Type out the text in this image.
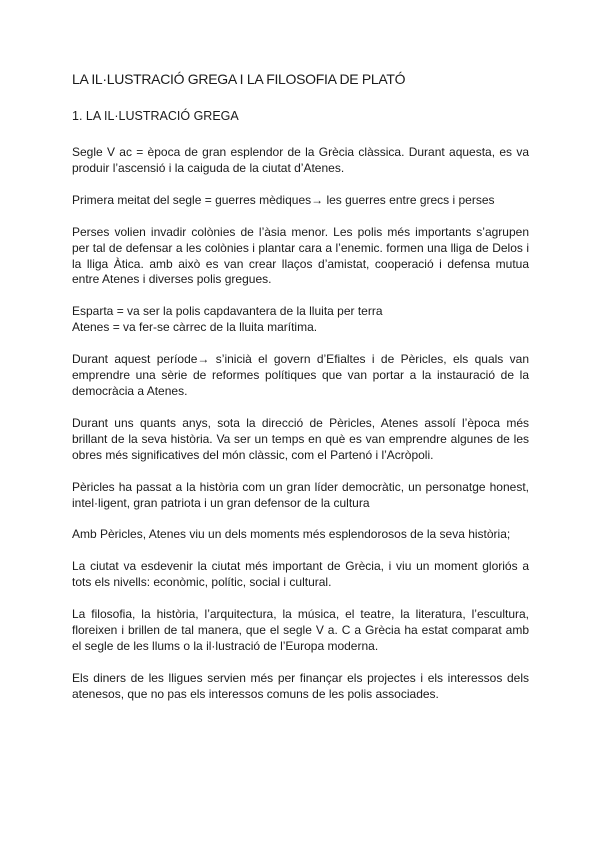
LA IL·LUSTRACIÓ GREGA I LA FILOSOFIA DE PLATÓ
1. LA IL·LUSTRACIÓ GREGA

Segle V ac = època de gran esplendor de la Grècia clàssica. Durant aquesta, es va produir l’ascensió i la caiguda de la ciutat d’Atenes.

Primera meitat del segle = guerres mèdiques→ les guerres entre grecs i perses

Perses volien invadir colònies de l’àsia menor. Les polis més importants s’agrupen per tal de defensar a les colònies i plantar cara a l’enemic. formen una lliga de Delos i la lliga Àtica. amb això es van crear llaços d’amistat, cooperació i defensa mutua entre Atenes i diverses polis gregues.

Esparta = va ser la polis capdavantera de la lluita per terra

Atenes = va fer-se càrrec de la lluita marítima.

Durant aquest període→ s’inicià el govern d’Efialtes i de Pèricles, els quals van emprendre una sèrie de reformes polítiques que van portar a la instauració de la democràcia a Atenes.

Durant uns quants anys, sota la direcció de Pèricles, Atenes assolí l’època més brillant de la seva història. Va ser un temps en què es van emprendre algunes de les obres més significatives del món clàssic, com el Partenó i l’Acròpoli.

Pèricles ha passat a la història com un gran líder democràtic, un personatge honest, intel·ligent, gran patriota i un gran defensor de la cultura

Amb Pèricles, Atenes viu un dels moments més esplendorosos de la seva història;

La ciutat va esdevenir la ciutat més important de Grècia, i viu un moment gloriós a tots els nivells: econòmic, polític, social i cultural.

La filosofia, la història, l’arquitectura, la música, el teatre, la literatura, l’escultura, floreixen i brillen de tal manera, que el segle V a. C a Grècia ha estat comparat amb el segle de les llums o la il·lustració de l’Europa moderna.

Els diners de les lligues servien més per finançar els projectes i els interessos dels atenesos, que no pas els interessos comuns de les polis associades.
